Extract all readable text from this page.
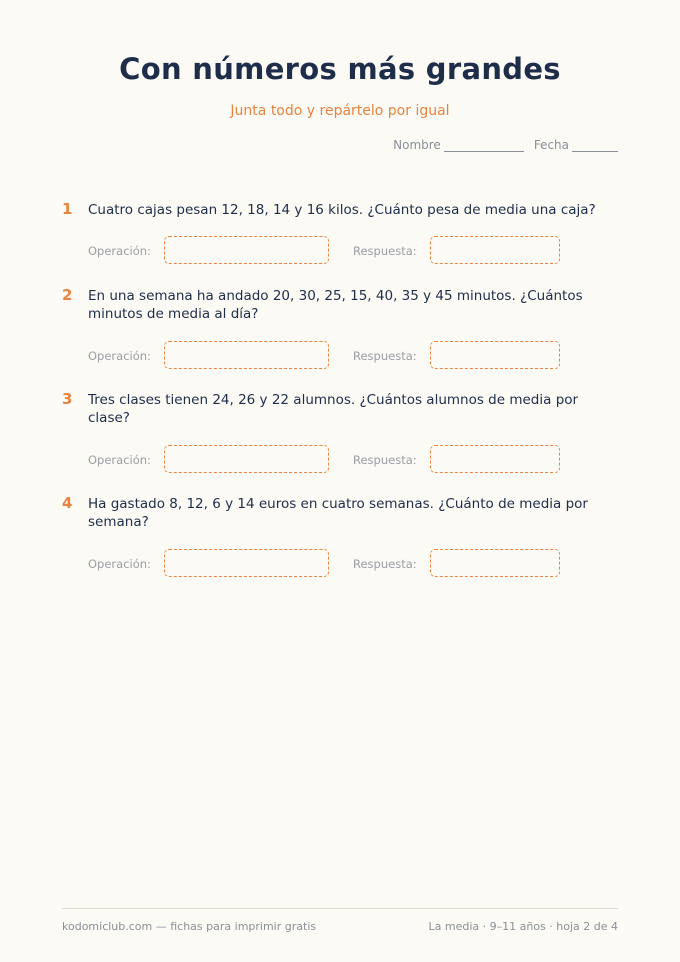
Con números más grandes
Junta todo y repártelo por igual
Nombre	Fecha
1 Cuatro cajas pesan 12, 18, 14 y 16 kilos. ¿Cuánto pesa de media una caja?
Operación:	Respuesta:
2 En una semana ha andado 20, 30, 25, 15, 40, 35 y 45 minutos. ¿Cuántos minutos de media al día?
Operación:	Respuesta:
3 Tres clases tienen 24, 26 y 22 alumnos. ¿Cuántos alumnos de media por clase?
Operación:	Respuesta:
4 Ha gastado 8, 12, 6 y 14 euros en cuatro semanas. ¿Cuánto de media por semana?
Operación:	Respuesta:
kodomiclub.com — fichas para imprimir gratis	La media · 9–11 años · hoja 2 de 4
